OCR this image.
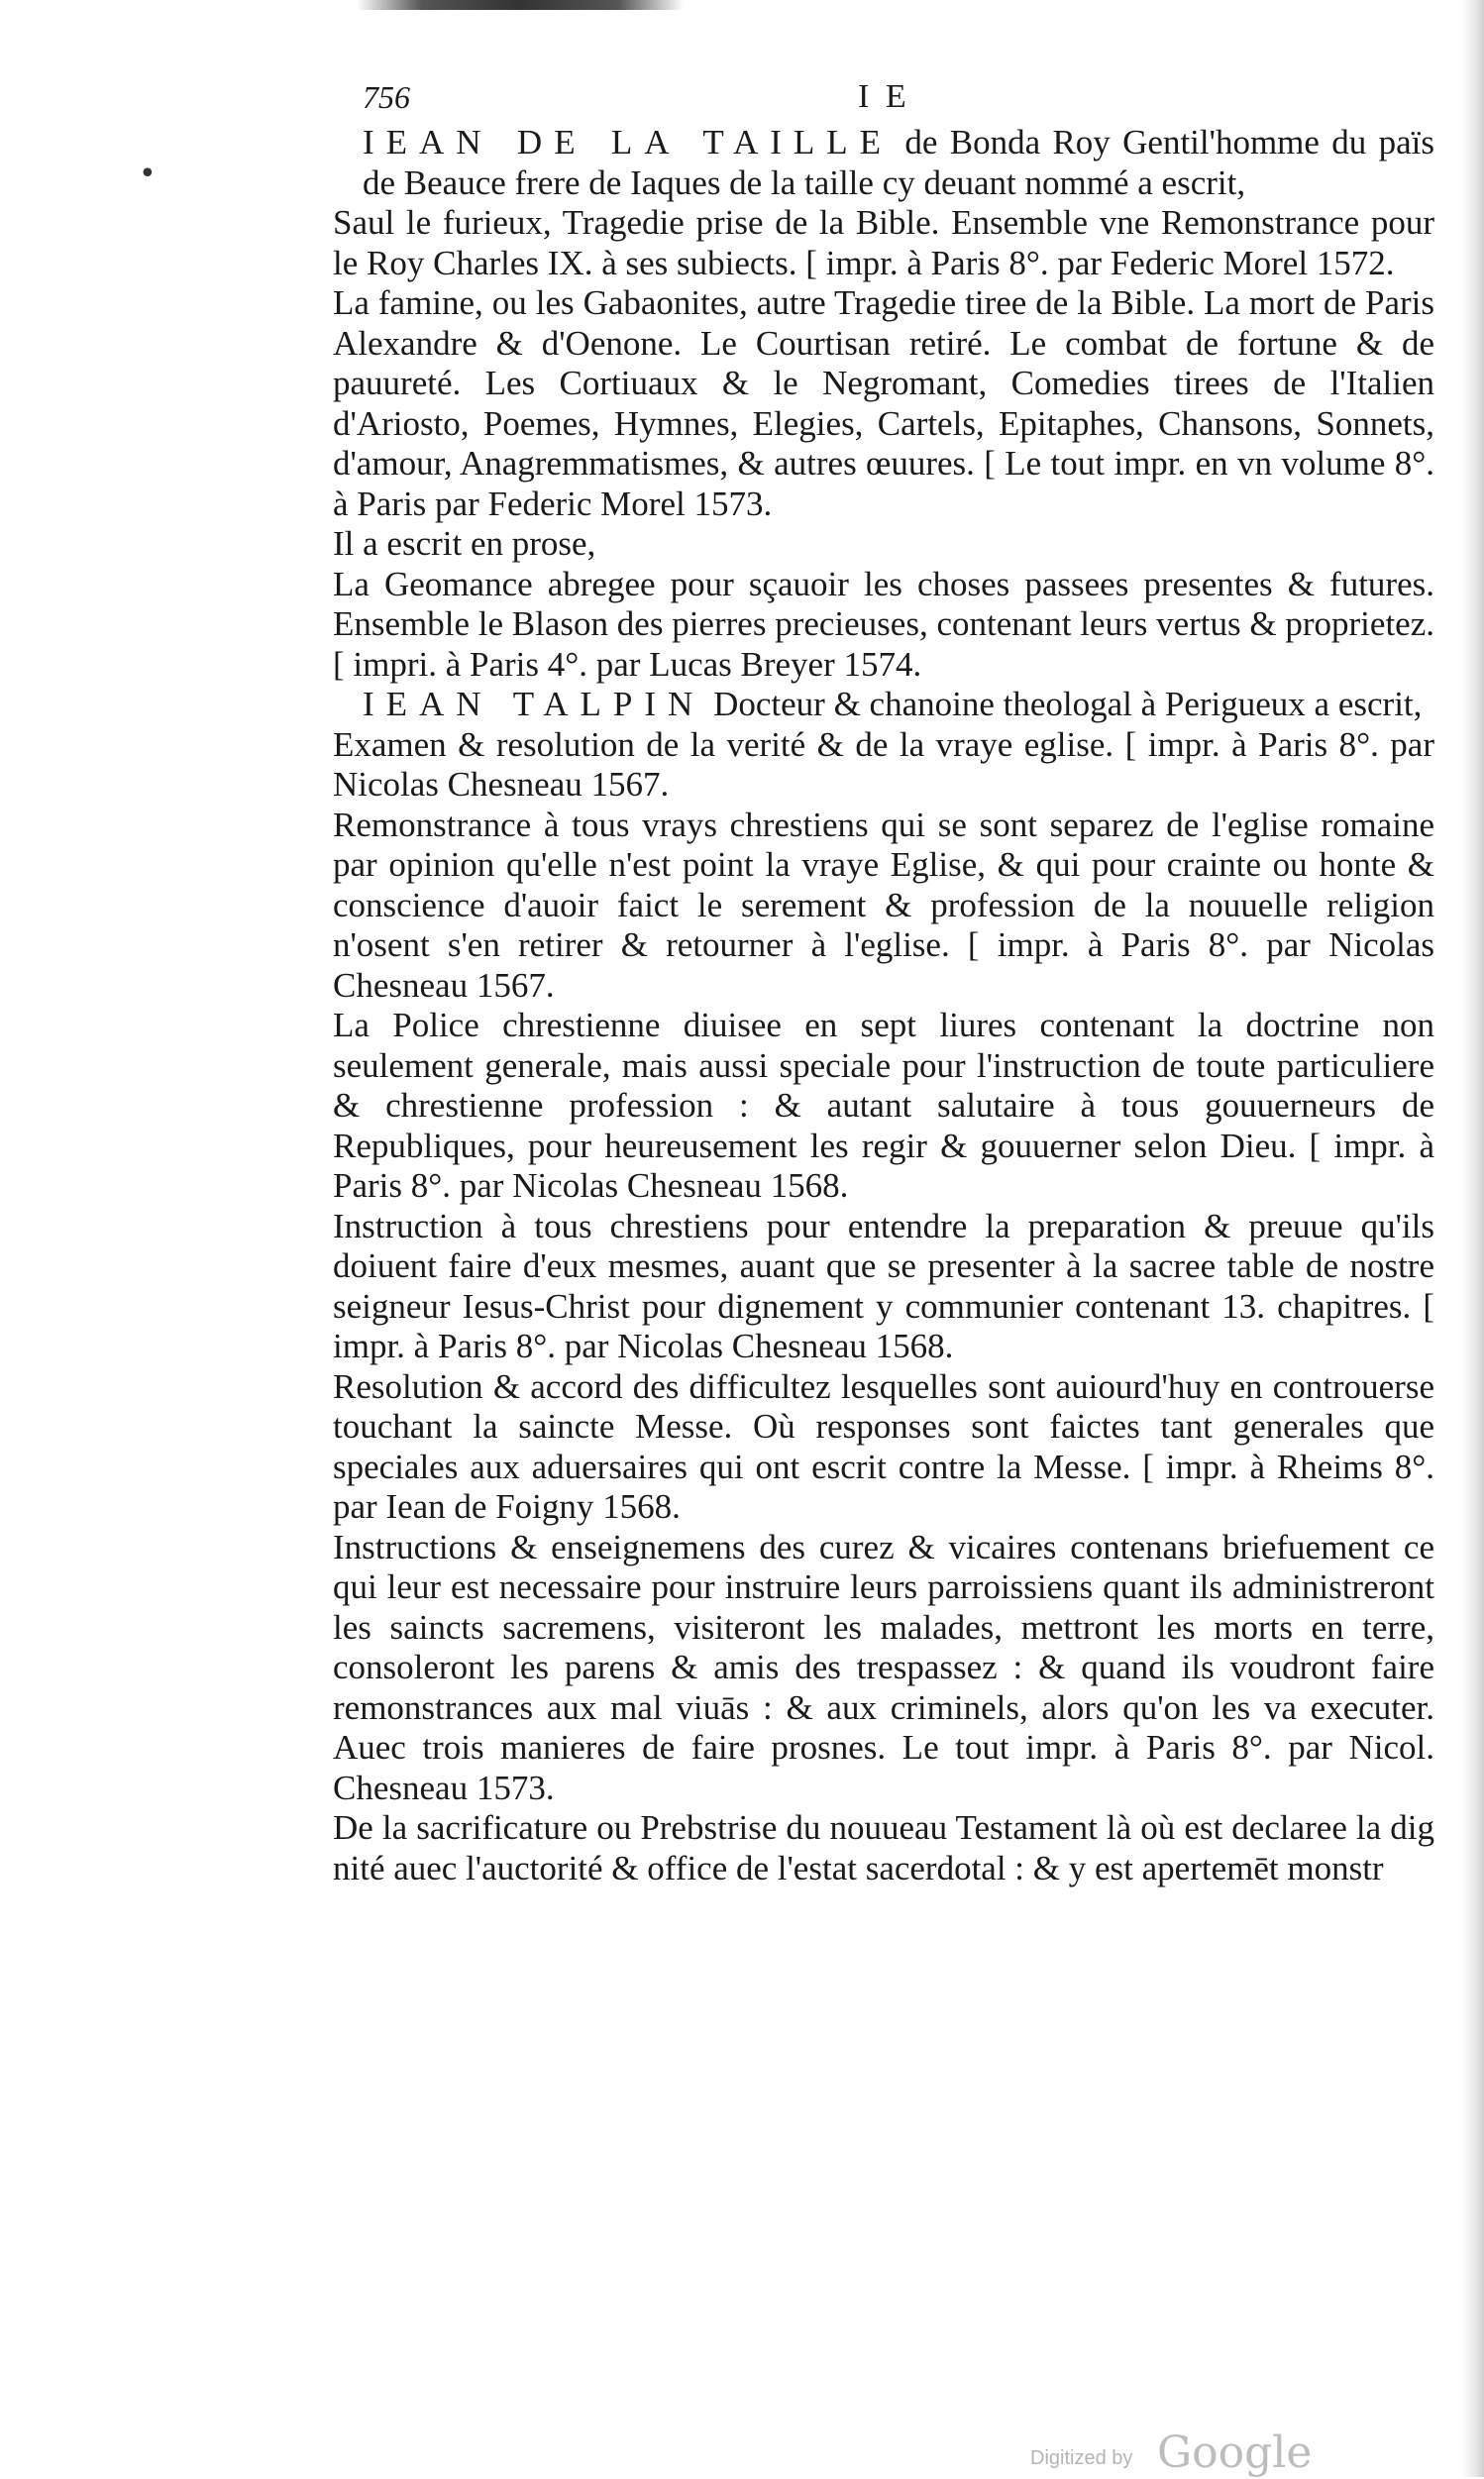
•
756	I E

IEAN DE LA TAILLE de Bonda Roy Gentil'homme du païs de Beauce frere de Iaques de la taille cy deuant nommé a escrit,

Saul le furieux, Tragedie prise de la Bible. Ensemble vne Remonstrance pour le Roy Charles IX. à ses subiects. [ impr. à Paris 8°. par Federic Morel 1572.

La famine, ou les Gabaonites, autre Tragedie tiree de la Bible. La mort de Paris Alexandre & d'Oenone. Le Courtisan retiré. Le combat de fortune & de pauureté. Les Cortiuaux & le Negromant, Comedies tirees de l'Italien d'Ariosto, Poemes, Hymnes, Elegies, Cartels, Epitaphes, Chansons, Sonnets, d'amour, Anagremmatismes, & autres œuures. [ Le tout impr. en vn volume 8°. à Paris par Federic Morel 1573.

Il a escrit en prose,

La Geomance abregee pour sçauoir les choses passees presentes & futures. Ensemble le Blason des pierres precieuses, contenant leurs vertus & proprietez. [ impri. à Paris 4°. par Lucas Breyer 1574.

IEAN TALPIN Docteur & chanoine theologal à Perigueux a escrit,

Examen & resolution de la verité & de la vraye eglise. [ impr. à Paris 8°. par Nicolas Chesneau 1567.

Remonstrance à tous vrays chrestiens qui se sont separez de l'eglise romaine par opinion qu'elle n'est point la vraye Eglise, & qui pour crainte ou honte & conscience d'auoir faict le serement & profession de la nouuelle religion n'osent s'en retirer & retourner à l'eglise. [ impr. à Paris 8°. par Nicolas Chesneau 1567.

La Police chrestienne diuisee en sept liures contenant la doctrine non seulement generale, mais aussi speciale pour l'instruction de toute particuliere & chrestienne profession : & autant salutaire à tous gouuerneurs de Republiques, pour heureusement les regir & gouuerner selon Dieu. [ impr. à Paris 8°. par Nicolas Chesneau 1568.

Instruction à tous chrestiens pour entendre la preparation & preuue qu'ils doiuent faire d'eux mesmes, auant que se presenter à la sacree table de nostre seigneur Iesus-Christ pour dignement y communier contenant 13. chapitres. [ impr. à Paris 8°. par Nicolas Chesneau 1568.

Resolution & accord des difficultez lesquelles sont auiourd'huy en controuerse touchant la saincte Messe. Où responses sont faictes tant generales que speciales aux aduersaires qui ont escrit contre la Messe. [ impr. à Rheims 8°. par Iean de Foigny 1568.

Instructions & enseignemens des curez & vicaires contenans briefuement ce qui leur est necessaire pour instruire leurs parroissiens quant ils administreront les saincts sacremens, visiteront les malades, mettront les morts en terre, consoleront les parens & amis des trespassez : & quand ils voudront faire remonstrances aux mal viuās : & aux criminels, alors qu'on les va executer. Auec trois manieres de faire prosnes. Le tout impr. à Paris 8°. par Nicol. Chesneau 1573.

De la sacrificature ou Prebstrise du nouueau Testament là où est declaree la dig nité auec l'auctorité & office de l'estat sacerdotal : & y est apertemēt monstr

Digitized by Google
